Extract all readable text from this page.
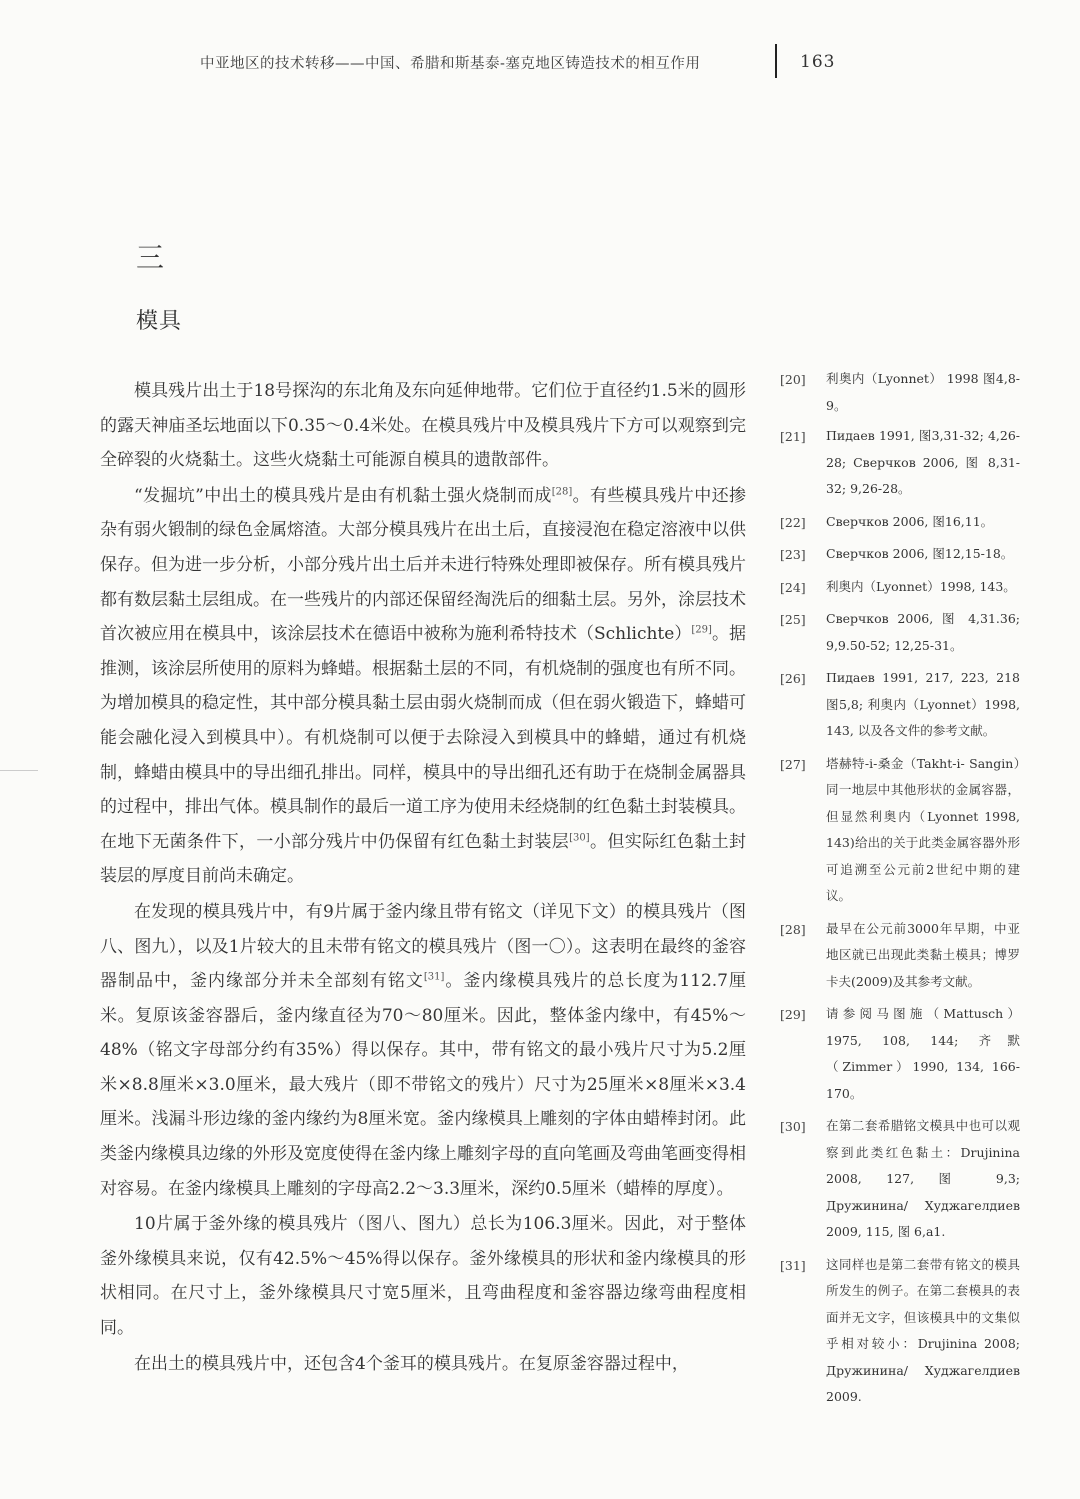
中亚地区的技术转移——中国、希腊和斯基泰-塞克地区铸造技术的相互作用	163
三
模具

模具残片出土于18号探沟的东北角及东向延伸地带。它们位于直径约1.5米的圆形的露天神庙圣坛地面以下0.35～0.4米处。在模具残片中及模具残片下方可以观察到完全碎裂的火烧黏土。这些火烧黏土可能源自模具的遗散部件。

“发掘坑”中出土的模具残片是由有机黏土强火烧制而成[28]。有些模具残片中还掺杂有弱火锻制的绿色金属熔渣。大部分模具残片在出土后，直接浸泡在稳定溶液中以供保存。但为进一步分析，小部分残片出土后并未进行特殊处理即被保存。所有模具残片都有数层黏土层组成。在一些残片的内部还保留经淘洗后的细黏土层。另外，涂层技术首次被应用在模具中，该涂层技术在德语中被称为施利希特技术（Schlichte）[29]。据推测，该涂层所使用的原料为蜂蜡。根据黏土层的不同，有机烧制的强度也有所不同。为增加模具的稳定性，其中部分模具黏土层由弱火烧制而成（但在弱火锻造下，蜂蜡可能会融化浸入到模具中）。有机烧制可以便于去除浸入到模具中的蜂蜡，通过有机烧制，蜂蜡由模具中的导出细孔排出。同样，模具中的导出细孔还有助于在烧制金属器具的过程中，排出气体。模具制作的最后一道工序为使用未经烧制的红色黏土封装模具。在地下无菌条件下，一小部分残片中仍保留有红色黏土封装层[30]。但实际红色黏土封装层的厚度目前尚未确定。

在发现的模具残片中，有9片属于釜内缘且带有铭文（详见下文）的模具残片（图八、图九），以及1片较大的且未带有铭文的模具残片（图一〇）。这表明在最终的釜容器制品中，釜内缘部分并未全部刻有铭文[31]。釜内缘模具残片的总长度为112.7厘米。复原该釜容器后，釜内缘直径为70～80厘米。因此，整体釜内缘中，有45%～48%（铭文字母部分约有35%）得以保存。其中，带有铭文的最小残片尺寸为5.2厘米×8.8厘米×3.0厘米，最大残片（即不带铭文的残片）尺寸为25厘米×8厘米×3.4厘米。浅漏斗形边缘的釜内缘约为8厘米宽。釜内缘模具上雕刻的字体由蜡棒封闭。此类釜内缘模具边缘的外形及宽度使得在釜内缘上雕刻字母的直向笔画及弯曲笔画变得相对容易。在釜内缘模具上雕刻的字母高2.2～3.3厘米，深约0.5厘米（蜡棒的厚度）。

10片属于釜外缘的模具残片（图八、图九）总长为106.3厘米。因此，对于整体釜外缘模具来说，仅有42.5%～45%得以保存。釜外缘模具的形状和釜内缘模具的形状相同。在尺寸上，釜外缘模具尺寸宽5厘米，且弯曲程度和釜容器边缘弯曲程度相同。

在出土的模具残片中，还包含4个釜耳的模具残片。在复原釜容器过程中，

[20]	利奥内（Lyonnet） 1998 图4,8-9。
[21]	Пидаев 1991, 图3,31-32; 4,26-28; Сверчков 2006, 图 8,31-32; 9,26-28。
[22]	Сверчков 2006, 图16,11。
[23]	Сверчков 2006, 图12,15-18。
[24]	利奥内（Lyonnet）1998, 143。
[25]	Сверчков 2006, 图 4,31.36; 9,9.50-52; 12,25-31。
[26]	Пидаев 1991, 217, 223, 218 图5,8; 利奥内（Lyonnet）1998, 143, 以及各文件的参考文献。
[27]	塔赫特-i-桑金（Takht-i- Sangin）同一地层中其他形状的金属容器，但显然利奥内（Lyonnet 1998, 143)给出的关于此类金属容器外形可追溯至公元前2世纪中期的建议。
[28]	最早在公元前3000年早期，中亚地区就已出现此类黏土模具；博罗卡夫(2009)及其参考文献。
[29]	请参阅马图施（Mattusch）1975, 108, 144; 齐默（Zimmer）1990, 134, 166-170。
[30]	在第二套希腊铭文模具中也可以观察到此类红色黏土：Drujinina 2008, 127, 图 9,3; Дружинина/ Худжагелдиев 2009, 115, 图 6,a1.
[31]	这同样也是第二套带有铭文的模具所发生的例子。在第二套模具的表面并无文字，但该模具中的文集似乎相对较小：Drujinina 2008; Дружинина/ Худжагелдиев 2009.
